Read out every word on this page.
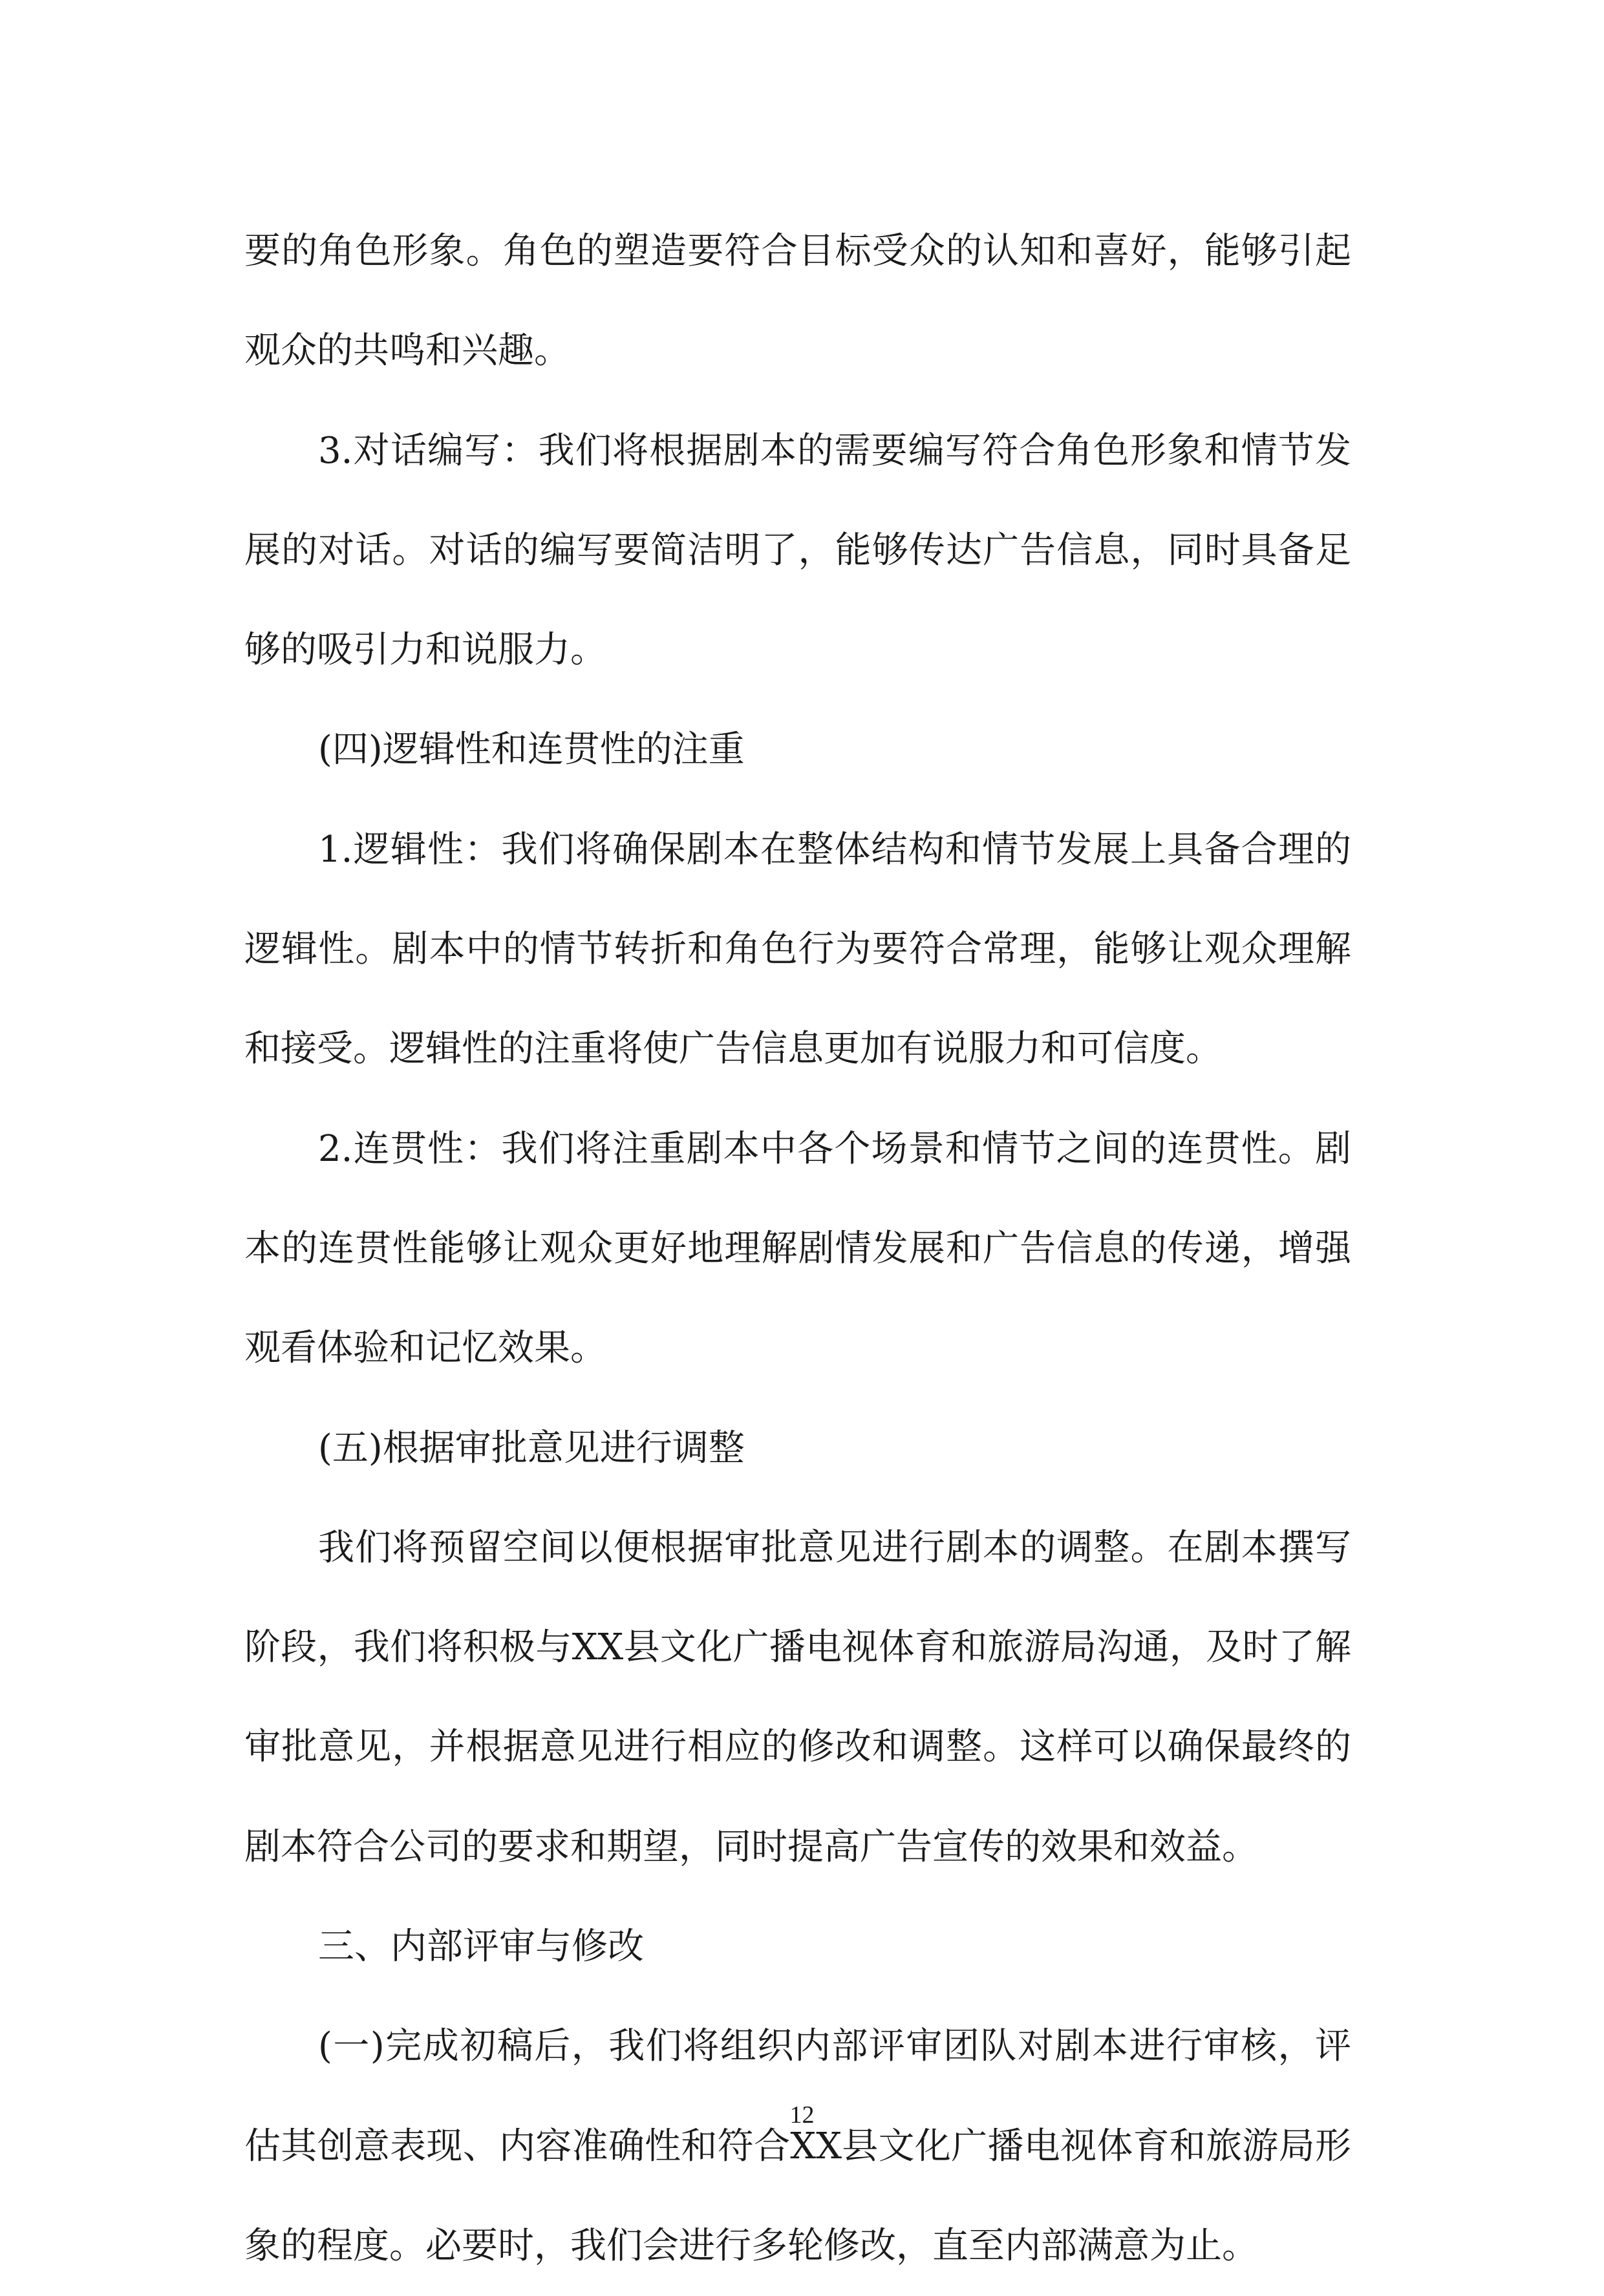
要的角色形象。角色的塑造要符合目标受众的认知和喜好，能够引起观众的共鸣和兴趣。

3.对话编写：我们将根据剧本的需要编写符合角色形象和情节发展的对话。对话的编写要简洁明了，能够传达广告信息，同时具备足够的吸引力和说服力。

(四)逻辑性和连贯性的注重

1.逻辑性：我们将确保剧本在整体结构和情节发展上具备合理的逻辑性。剧本中的情节转折和角色行为要符合常理，能够让观众理解和接受。逻辑性的注重将使广告信息更加有说服力和可信度。

2.连贯性：我们将注重剧本中各个场景和情节之间的连贯性。剧本的连贯性能够让观众更好地理解剧情发展和广告信息的传递，增强观看体验和记忆效果。

(五)根据审批意见进行调整

我们将预留空间以便根据审批意见进行剧本的调整。在剧本撰写阶段，我们将积极与XX县文化广播电视体育和旅游局沟通，及时了解审批意见，并根据意见进行相应的修改和调整。这样可以确保最终的剧本符合公司的要求和期望，同时提高广告宣传的效果和效益。

三、内部评审与修改

(一)完成初稿后，我们将组织内部评审团队对剧本进行审核，评估其创意表现、内容准确性和符合XX县文化广播电视体育和旅游局形象的程度。必要时，我们会进行多轮修改，直至内部满意为止。

12
